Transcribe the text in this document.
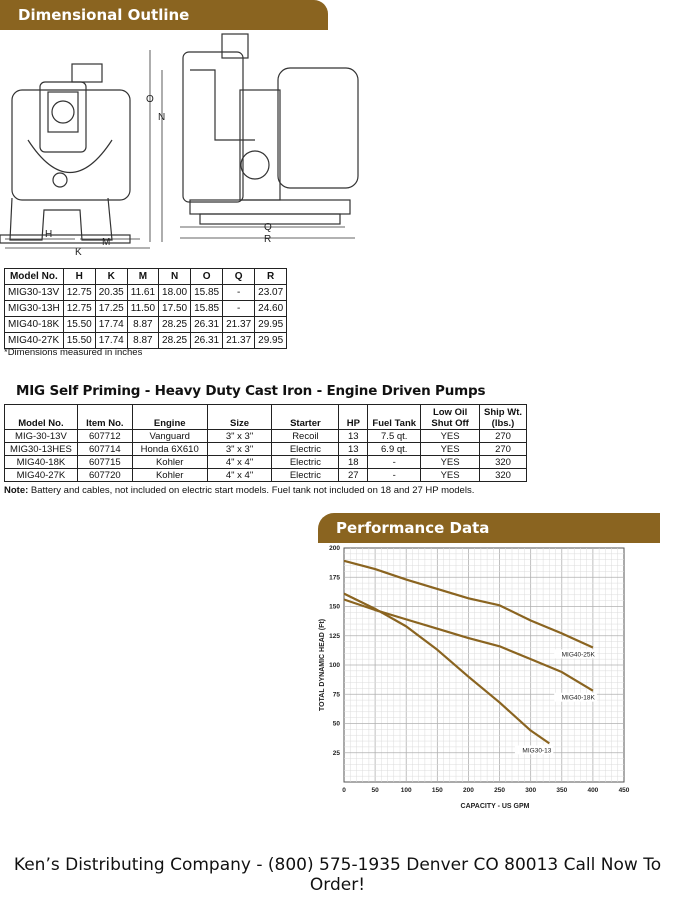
Dimensional Outline
H
K
M
O
N
Q
R
Model No.	H	K	M	N	O	Q	R
MIG30-13V	12.75	20.35	11.61	18.00	15.85	-	23.07
MIG30-13H	12.75	17.25	11.50	17.50	15.85	-	24.60
MIG40-18K	15.50	17.74	8.87	28.25	26.31	21.37	29.95
MIG40-27K	15.50	17.74	8.87	28.25	26.31	21.37	29.95
*Dimensions measured in inches
MIG Self Priming - Heavy Duty Cast Iron - Engine Driven Pumps
Model No.	Item No.	Engine	Size	Starter	HP	Fuel Tank	Low Oil Shut Off	Ship Wt. (lbs.)
MIG-30-13V	607712	Vanguard	3" x 3"	Recoil	13	7.5 qt.	YES	270
MIG30-13HES	607714	Honda 6X610	3" x 3"	Electric	13	6.9 qt.	YES	270
MIG40-18K	607715	Kohler	4" x 4"	Electric	18	-	YES	320
MIG40-27K	607720	Kohler	4" x 4"	Electric	27	-	YES	320
Note: Battery and cables, not included on electric start models. Fuel tank not included on 18 and 27 HP models.
Performance Data
0	50	100	150	200	250	300	350	400	450
25
50
75
100
125
150
175
200
MIG40-25K
MIG40-18K
MIG30-13
CAPACITY - US GPM
TOTAL DYNAMIC HEAD (Ft)
Ken’s Distributing Company - (800) 575-1935 Denver CO 80013 Call Now To Order!
